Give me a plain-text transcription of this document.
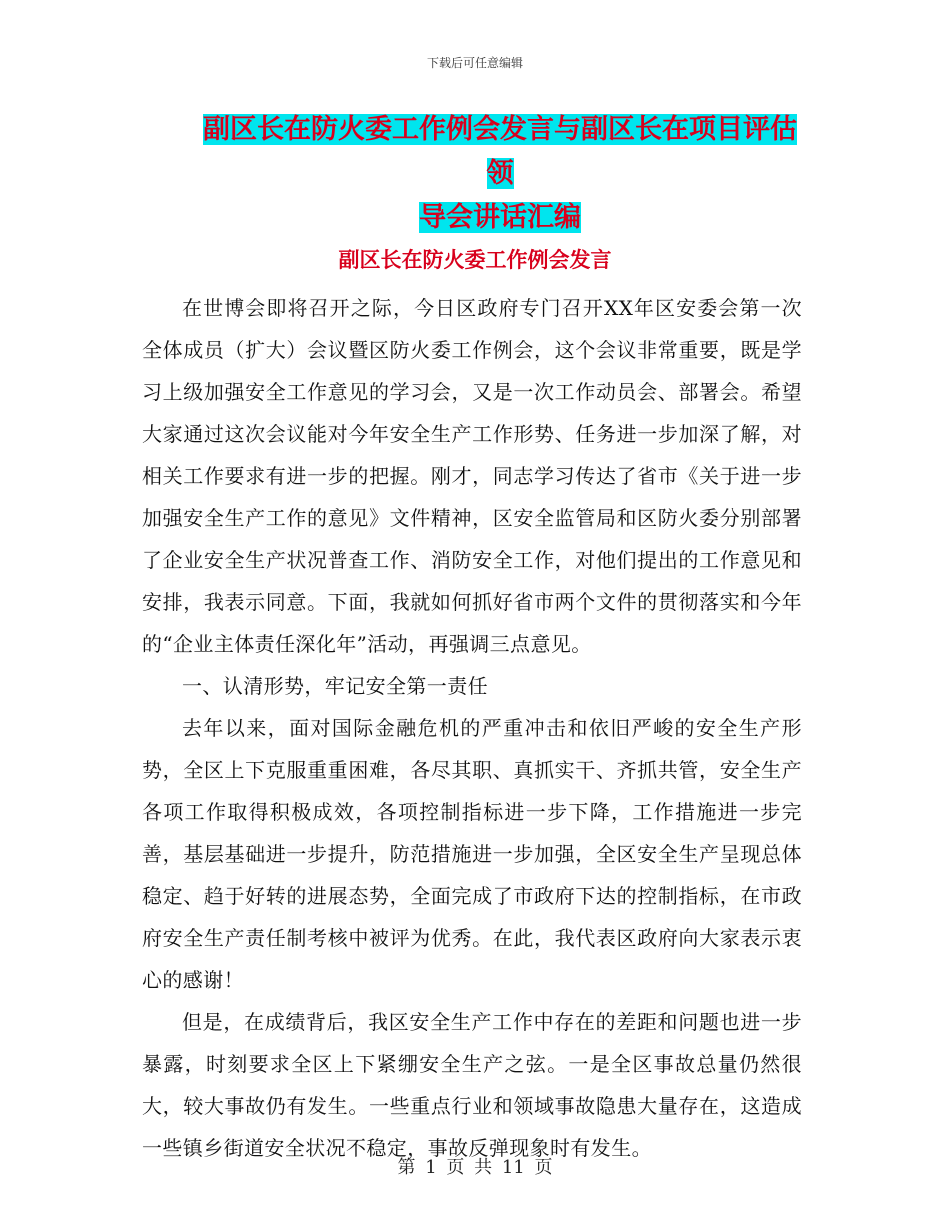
下载后可任意编辑
副区长在防火委工作例会发言与副区长在项目评估领
导会讲话汇编
副区长在防火委工作例会发言

在世博会即将召开之际，今日区政府专门召开XX年区安委会第一次全体成员（扩大）会议暨区防火委工作例会，这个会议非常重要，既是学习上级加强安全工作意见的学习会，又是一次工作动员会、部署会。希望大家通过这次会议能对今年安全生产工作形势、任务进一步加深了解，对相关工作要求有进一步的把握。刚才，同志学习传达了省市《关于进一步加强安全生产工作的意见》文件精神，区安全监管局和区防火委分别部署了企业安全生产状况普查工作、消防安全工作，对他们提出的工作意见和安排，我表示同意。下面，我就如何抓好省市两个文件的贯彻落实和今年的“企业主体责任深化年”活动，再强调三点意见。

一、认清形势，牢记安全第一责任

去年以来，面对国际金融危机的严重冲击和依旧严峻的安全生产形势，全区上下克服重重困难，各尽其职、真抓实干、齐抓共管，安全生产各项工作取得积极成效，各项控制指标进一步下降，工作措施进一步完善，基层基础进一步提升，防范措施进一步加强，全区安全生产呈现总体稳定、趋于好转的进展态势，全面完成了市政府下达的控制指标，在市政府安全生产责任制考核中被评为优秀。在此，我代表区政府向大家表示衷心的感谢！

但是，在成绩背后，我区安全生产工作中存在的差距和问题也进一步暴露，时刻要求全区上下紧绷安全生产之弦。一是全区事故总量仍然很大，较大事故仍有发生。一些重点行业和领域事故隐患大量存在，这造成一些镇乡街道安全状况不稳定，事故反弹现象时有发生。

第 1 页 共 11 页
